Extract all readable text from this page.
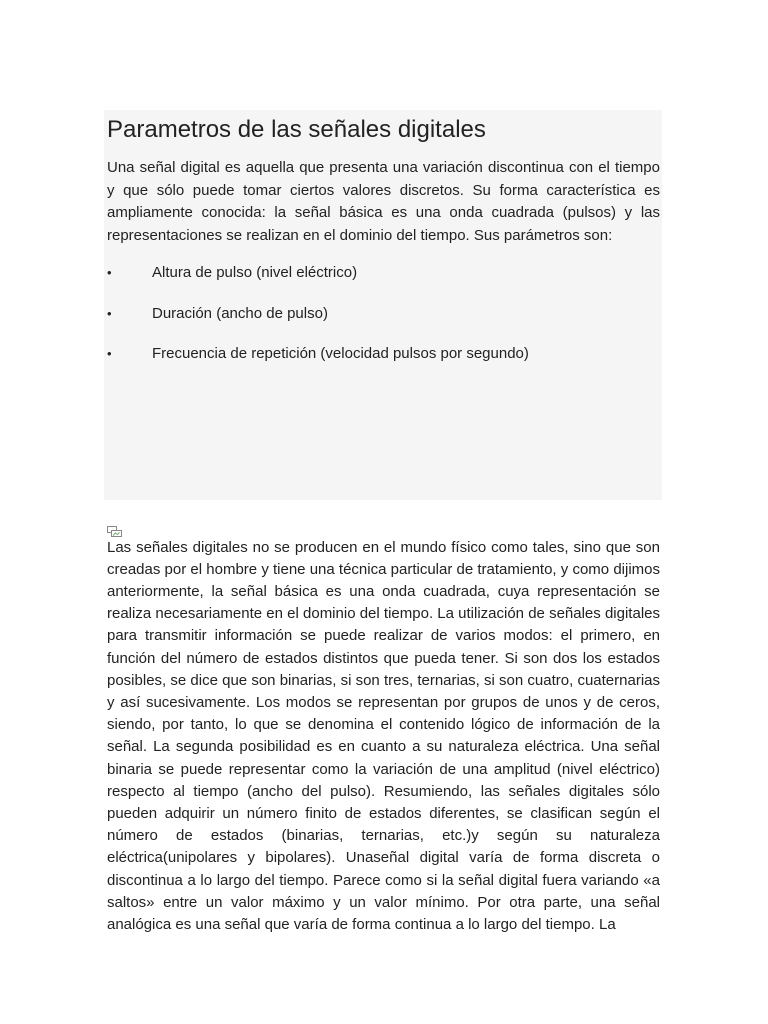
Parametros de las señales digitales

Una señal digital es aquella que presenta una variación discontinua con el tiempo y que sólo puede tomar ciertos valores discretos. Su forma característica es ampliamente conocida: la señal básica es una onda cuadrada (pulsos) y las representaciones se realizan en el dominio del tiempo. Sus parámetros son:

•	Altura de pulso (nivel eléctrico)
•	Duración (ancho de pulso)
•	Frecuencia de repetición (velocidad pulsos por segundo)

Las señales digitales no se producen en el mundo físico como tales, sino que son creadas por el hombre y tiene una técnica particular de tratamiento, y como dijimos anteriormente, la señal básica es una onda cuadrada, cuya representación se realiza necesariamente en el dominio del tiempo. La utilización de señales digitales para transmitir información se puede realizar de varios modos: el primero, en función del número de estados distintos que pueda tener. Si son dos los estados posibles, se dice que son binarias, si son tres, ternarias, si son cuatro, cuaternarias y así sucesivamente. Los modos se representan por grupos de unos y de ceros, siendo, por tanto, lo que se denomina el contenido lógico de información de la señal. La segunda posibilidad es en cuanto a su naturaleza eléctrica. Una señal binaria se puede representar como la variación de una amplitud (nivel eléctrico) respecto al tiempo (ancho del pulso). Resumiendo, las señales digitales sólo pueden adquirir un número finito de estados diferentes, se clasifican según el número de estados (binarias, ternarias, etc.)y según su naturaleza eléctrica(unipolares y bipolares). Unaseñal digital varía de forma discreta o discontinua a lo largo del tiempo. Parece como si la señal digital fuera variando «a saltos» entre un valor máximo y un valor mínimo. Por otra parte, una señal analógica es una señal que varía de forma continua a lo largo del tiempo. La
